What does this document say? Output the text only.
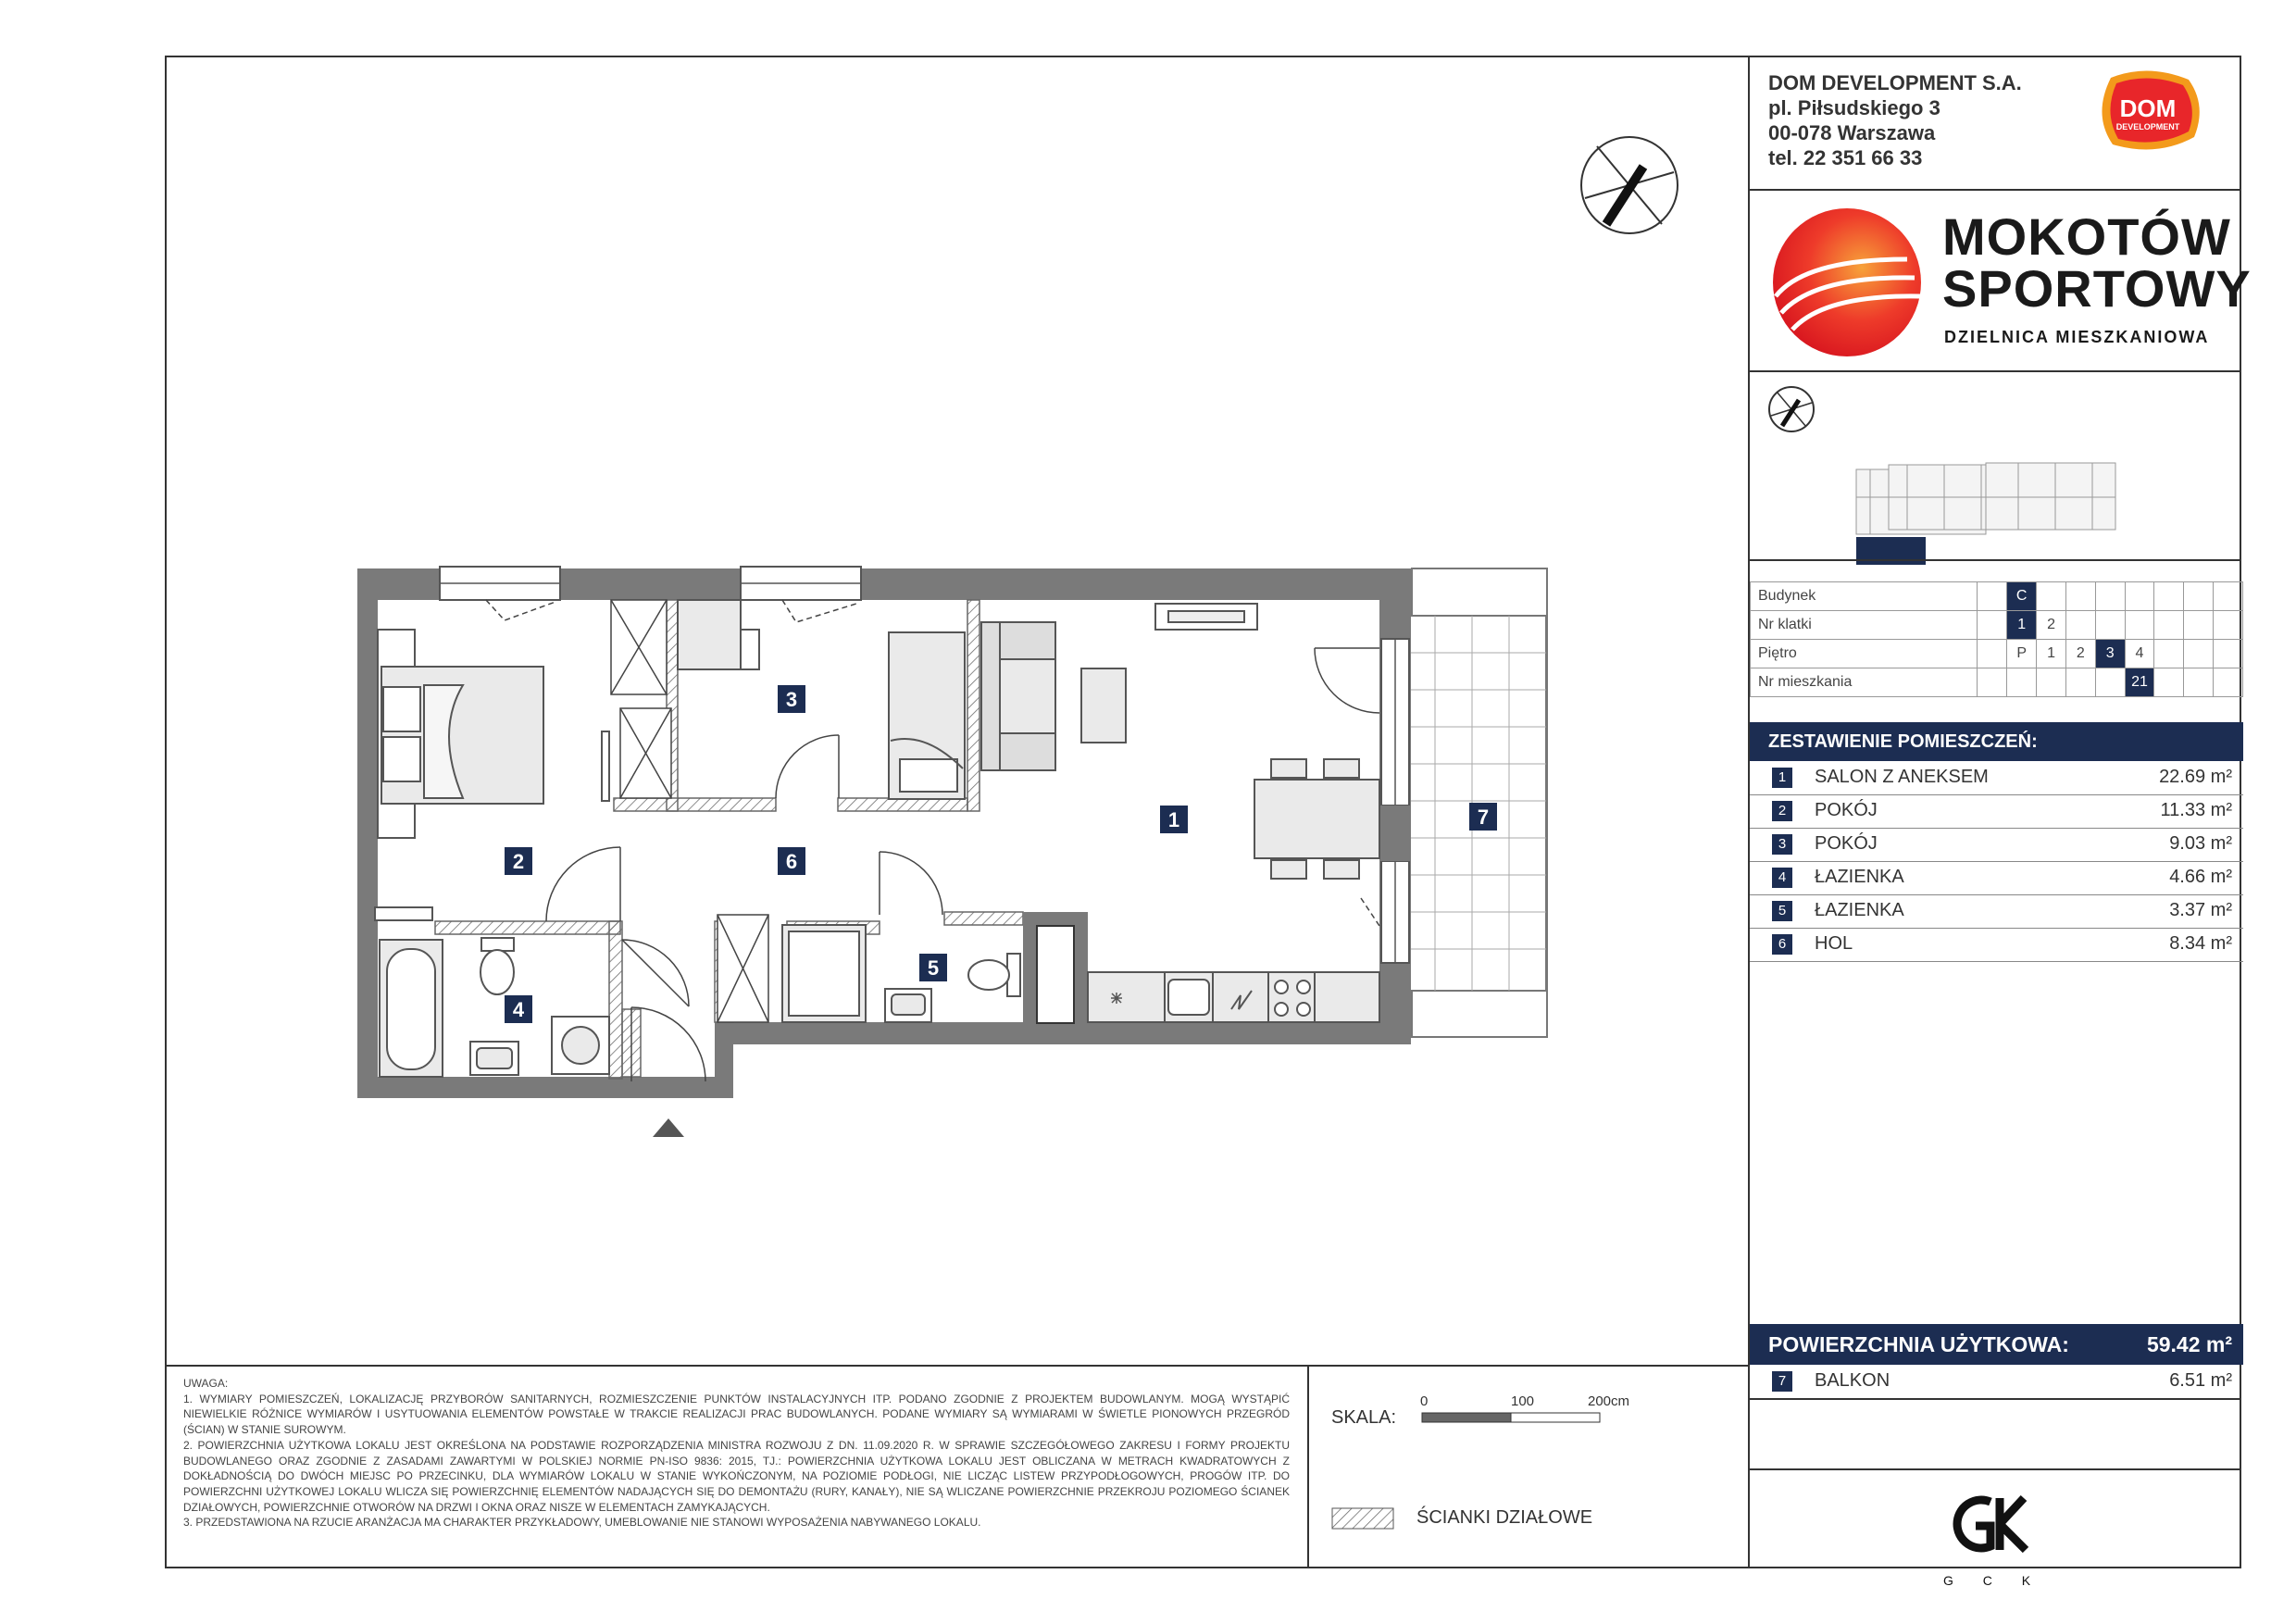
1
2
3
4
5
6
7
DOM DEVELOPMENT S.A.
pl. Piłsudskiego 3
00-078 Warszawa
tel. 22 351 66 33
DOM
DEVELOPMENT
MOKOTÓW
SPORTOWY
DZIELNICA MIESZKANIOWA
Budynek		C							
Nr klatki		1	2						
Piętro		P	1	2	3	4			
Nr mieszkania						21			
ZESTAWIENIE POMIESZCZEŃ:
1	SALON Z ANEKSEM	22.69 m²
2	POKÓJ	11.33 m²
3	POKÓJ	9.03 m²
4	ŁAZIENKA	4.66 m²
5	ŁAZIENKA	3.37 m²
6	HOL	8.34 m²
POWIERZCHNIA UŻYTKOWA:	59.42 m²
7	BALKON	6.51 m²
G C K
UWAGA:
1. WYMIARY POMIESZCZEŃ, LOKALIZACJĘ PRZYBORÓW SANITARNYCH, ROZMIESZCZENIE PUNKTÓW INSTALACYJNYCH ITP. PODANO ZGODNIE Z PROJEKTEM BUDOWLANYM. MOGĄ WYSTĄPIĆ NIEWIELKIE RÓŻNICE WYMIARÓW I USYTUOWANIA ELEMENTÓW POWSTAŁE W TRAKCIE REALIZACJI PRAC BUDOWLANYCH. PODANE WYMIARY SĄ WYMIARAMI W ŚWIETLE PIONOWYCH PRZEGRÓD (ŚCIAN) W STANIE SUROWYM.
2. POWIERZCHNIA UŻYTKOWA LOKALU JEST OKREŚLONA NA PODSTAWIE ROZPORZĄDZENIA MINISTRA ROZWOJU Z DN. 11.09.2020 R. W SPRAWIE SZCZEGÓŁOWEGO ZAKRESU I FORMY PROJEKTU BUDOWLANEGO ORAZ ZGODNIE Z ZASADAMI ZAWARTYMI W POLSKIEJ NORMIE PN-ISO 9836: 2015, TJ.: POWIERZCHNIA UŻYTKOWA LOKALU JEST OBLICZANA W METRACH KWADRATOWYCH Z DOKŁADNOŚCIĄ DO DWÓCH MIEJSC PO PRZECINKU, DLA WYMIARÓW LOKALU W STANIE WYKOŃCZONYM, NA POZIOMIE PODŁOGI, NIE LICZĄC LISTEW PRZYPODŁOGOWYCH, PROGÓW ITP. DO POWIERZCHNI UŻYTKOWEJ LOKALU WLICZA SIĘ POWIERZCHNIĘ ELEMENTÓW NADAJĄCYCH SIĘ DO DEMONTAŻU (RURY, KANAŁY), NIE SĄ WLICZANE POWIERZCHNIE PRZEKROJU POZIOMEGO ŚCIANEK DZIAŁOWYCH, POWIERZCHNIE OTWORÓW NA DRZWI I OKNA ORAZ NISZE W ELEMENTACH ZAMYKAJĄCYCH.
3. PRZEDSTAWIONA NA RZUCIE ARANŻACJA MA CHARAKTER PRZYKŁADOWY, UMEBLOWANIE NIE STANOWI WYPOSAŻENIA NABYWANEGO LOKALU.
SKALA:
0	100	200cm
ŚCIANKI DZIAŁOWE
